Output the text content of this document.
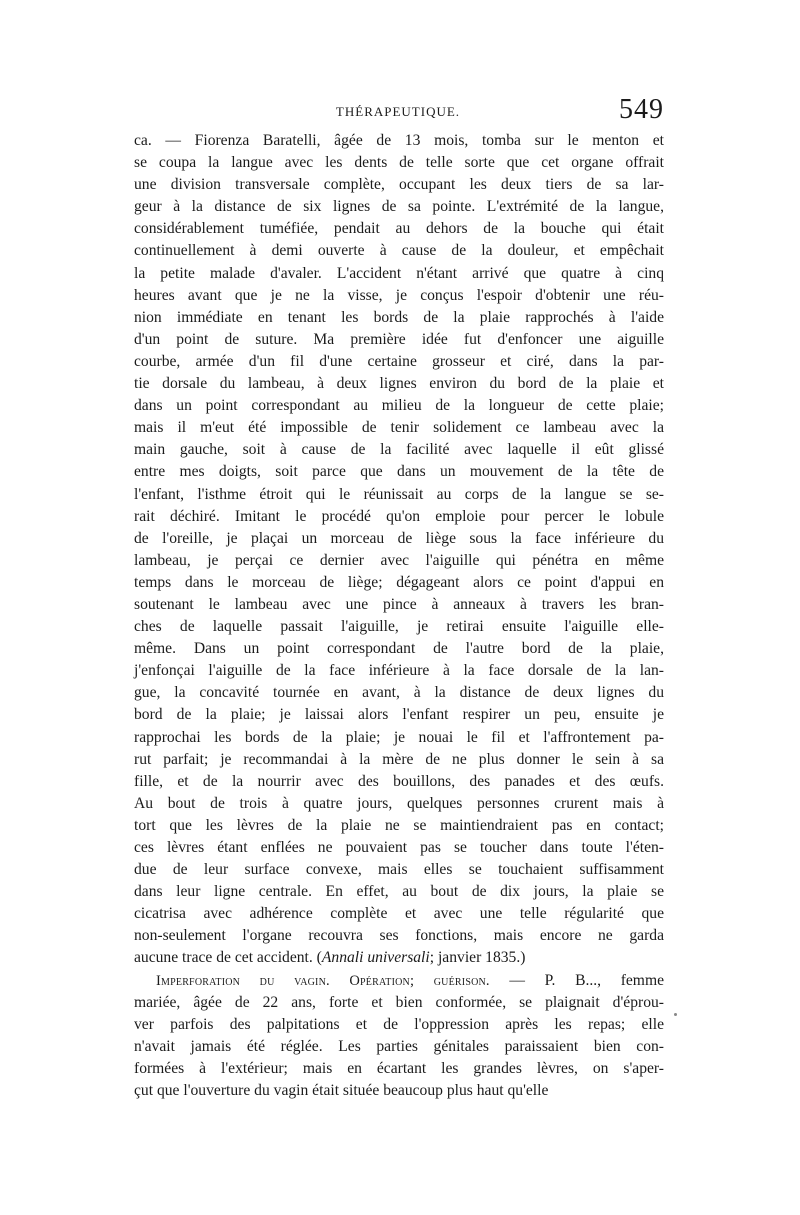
THÉRAPEUTIQUE.	549
ca. — Fiorenza Baratelli, âgée de 13 mois, tomba sur le menton et
se coupa la langue avec les dents de telle sorte que cet organe offrait
une division transversale complète, occupant les deux tiers de sa lar-
geur à la distance de six lignes de sa pointe. L'extrémité de la langue,
considérablement tuméfiée, pendait au dehors de la bouche qui était
continuellement à demi ouverte à cause de la douleur, et empêchait
la petite malade d'avaler. L'accident n'étant arrivé que quatre à cinq
heures avant que je ne la visse, je conçus l'espoir d'obtenir une réu-
nion immédiate en tenant les bords de la plaie rapprochés à l'aide
d'un point de suture. Ma première idée fut d'enfoncer une aiguille
courbe, armée d'un fil d'une certaine grosseur et ciré, dans la par-
tie dorsale du lambeau, à deux lignes environ du bord de la plaie et
dans un point correspondant au milieu de la longueur de cette plaie;
mais il m'eut été impossible de tenir solidement ce lambeau avec la
main gauche, soit à cause de la facilité avec laquelle il eût glissé
entre mes doigts, soit parce que dans un mouvement de la tête de
l'enfant, l'isthme étroit qui le réunissait au corps de la langue se se-
rait déchiré. Imitant le procédé qu'on emploie pour percer le lobule
de l'oreille, je plaçai un morceau de liège sous la face inférieure du
lambeau, je perçai ce dernier avec l'aiguille qui pénétra en même
temps dans le morceau de liège; dégageant alors ce point d'appui en
soutenant le lambeau avec une pince à anneaux à travers les bran-
ches de laquelle passait l'aiguille, je retirai ensuite l'aiguille elle-
même. Dans un point correspondant de l'autre bord de la plaie,
j'enfonçai l'aiguille de la face inférieure à la face dorsale de la lan-
gue, la concavité tournée en avant, à la distance de deux lignes du
bord de la plaie; je laissai alors l'enfant respirer un peu, ensuite je
rapprochai les bords de la plaie; je nouai le fil et l'affrontement pa-
rut parfait; je recommandai à la mère de ne plus donner le sein à sa
fille, et de la nourrir avec des bouillons, des panades et des œufs.
Au bout de trois à quatre jours, quelques personnes crurent mais à
tort que les lèvres de la plaie ne se maintiendraient pas en contact;
ces lèvres étant enflées ne pouvaient pas se toucher dans toute l'éten-
due de leur surface convexe, mais elles se touchaient suffisamment
dans leur ligne centrale. En effet, au bout de dix jours, la plaie se
cicatrisa avec adhérence complète et avec une telle régularité que
non-seulement l'organe recouvra ses fonctions, mais encore ne garda
aucune trace de cet accident. (Annali universali; janvier 1835.)
Imperforation du vagin. Opération; guérison. — P. B..., femme
mariée, âgée de 22 ans, forte et bien conformée, se plaignait d'éprou-
ver parfois des palpitations et de l'oppression après les repas; elle
n'avait jamais été réglée. Les parties génitales paraissaient bien con-
formées à l'extérieur; mais en écartant les grandes lèvres, on s'aper-
çut que l'ouverture du vagin était située beaucoup plus haut qu'elle
